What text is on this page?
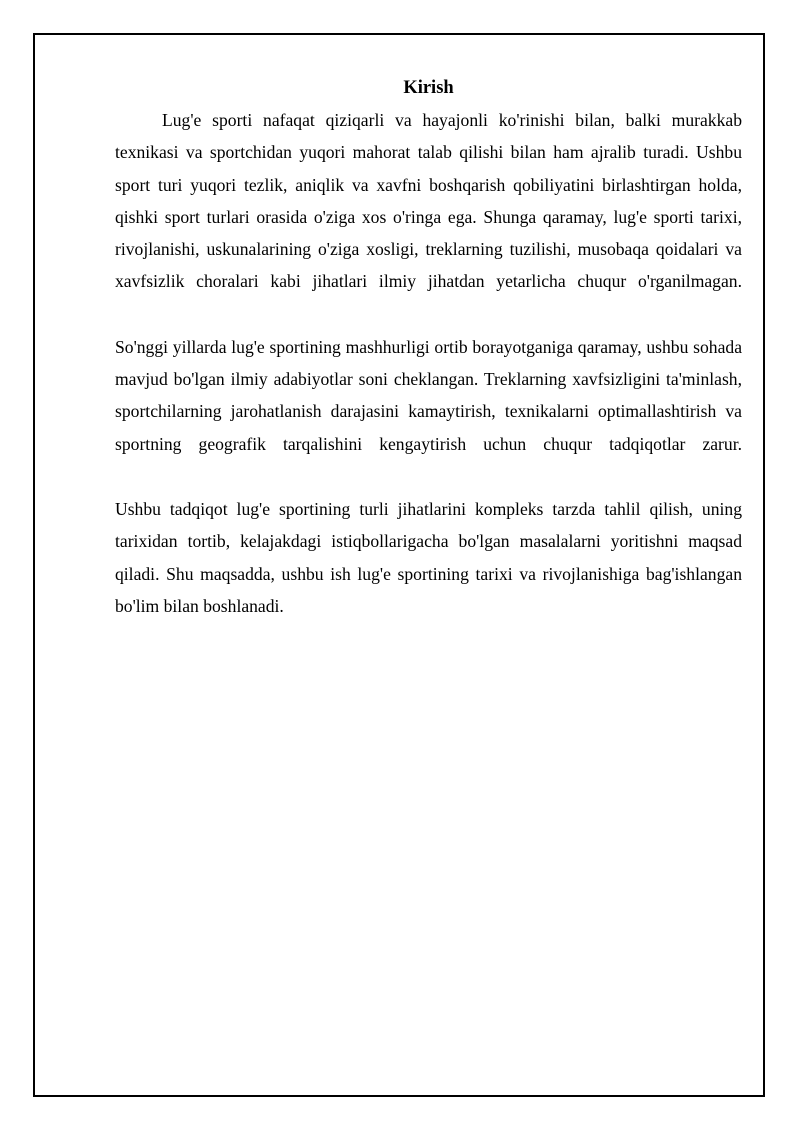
Kirish

Lug'e sporti nafaqat qiziqarli va hayajonli ko'rinishi bilan, balki murakkab texnikasi va sportchidan yuqori mahorat talab qilishi bilan ham ajralib turadi. Ushbu sport turi yuqori tezlik, aniqlik va xavfni boshqarish qobiliyatini birlashtirgan holda, qishki sport turlari orasida o'ziga xos o'ringa ega. Shunga qaramay, lug'e sporti tarixi, rivojlanishi, uskunalarining o'ziga xosligi, treklarning tuzilishi, musobaqa qoidalari va xavfsizlik choralari kabi jihatlari ilmiy jihatdan yetarlicha chuqur o'rganilmagan.

So'nggi yillarda lug'e sportining mashhurligi ortib borayotganiga qaramay, ushbu sohada mavjud bo'lgan ilmiy adabiyotlar soni cheklangan. Treklarning xavfsizligini ta'minlash, sportchilarning jarohatlanish darajasini kamaytirish, texnikalarni optimallashtirish va sportning geografik tarqalishini kengaytirish uchun chuqur tadqiqotlar zarur.

Ushbu tadqiqot lug'e sportining turli jihatlarini kompleks tarzda tahlil qilish, uning tarixidan tortib, kelajakdagi istiqbollarigacha bo'lgan masalalarni yoritishni maqsad qiladi. Shu maqsadda, ushbu ish lug'e sportining tarixi va rivojlanishiga bag'ishlangan bo'lim bilan boshlanadi.
